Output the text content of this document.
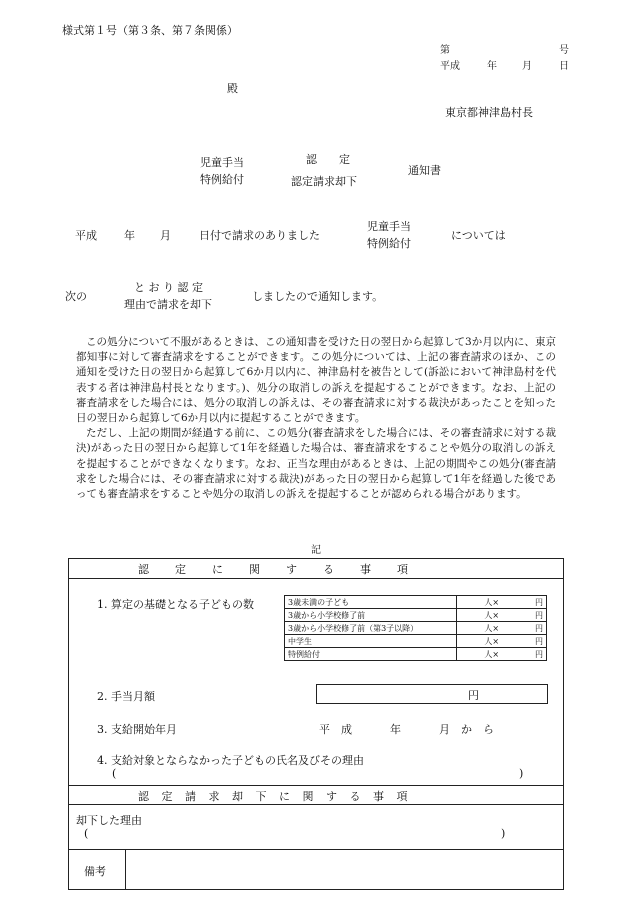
様式第１号（第３条、第７条関係）
第	号
平成	年	月	日
殿
東京都神津島村長
児童手当
特例給付
認　　定
認定請求却下
通知書
平成 年 月	日付で請求のありました
児童手当
特例給付
については
次の
と お り 認 定
理由で請求を却下
しましたので通知します。

この処分について不服があるときは、この通知書を受けた日の翌日から起算して3か月以内に、東京都知事に対して審査請求をすることができます。この処分については、上記の審査請求のほか、この通知を受けた日の翌日から起算して6か月以内に、神津島村を被告として(訴訟において神津島村を代表する者は神津島村長となります。)、処分の取消しの訴えを提起することができます。なお、上記の審査請求をした場合には、処分の取消しの訴えは、その審査請求に対する裁決があったことを知った日の翌日から起算して6か月以内に提起することができます。

ただし、上記の期間が経過する前に、この処分(審査請求をした場合には、その審査請求に対する裁決)があった日の翌日から起算して1年を経過した場合は、審査請求をすることや処分の取消しの訴えを提起することができなくなります。なお、正当な理由があるときは、上記の期間やこの処分(審査請求をした場合には、その審査請求に対する裁決)があった日の翌日から起算して1年を経過した後であっても審査請求をすることや処分の取消しの訴えを提起することが認められる場合があります。

記
認定に関する事項
1. 算定の基礎となる子どもの数	3歳未満の子ども	人×	円
3歳から小学校修了前	人×	円
3歳から小学校修了前（第3子以降）	人×	円
中学生	人×	円
特例給付	人×	円
2. 手当月額	円
3. 支給開始年月	平　成	年	月　か　ら
4. 支給対象とならなかった子どもの氏名及びその理由
(	)
認定請求却下に関する事項
却下した理由
(	)
備考
